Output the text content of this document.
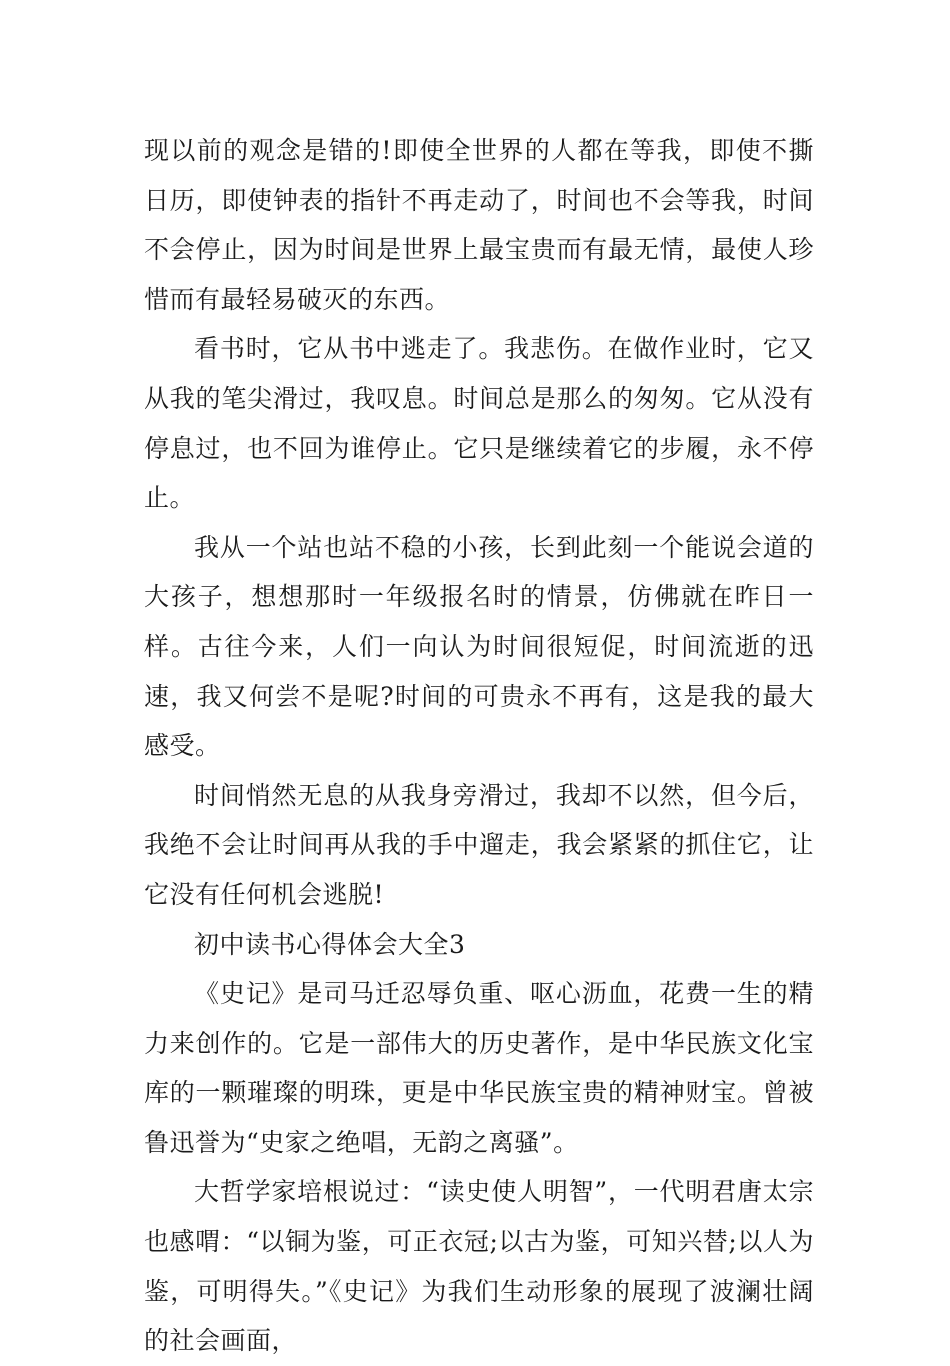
现以前的观念是错的!即使全世界的人都在等我，即使不撕日历，即使钟表的指针不再走动了，时间也不会等我，时间不会停止，因为时间是世界上最宝贵而有最无情，最使人珍惜而有最轻易破灭的东西。

看书时，它从书中逃走了。我悲伤。在做作业时，它又从我的笔尖滑过，我叹息。时间总是那么的匆匆。它从没有停息过，也不回为谁停止。它只是继续着它的步履，永不停止。

我从一个站也站不稳的小孩，长到此刻一个能说会道的大孩子，想想那时一年级报名时的情景，仿佛就在昨日一样。古往今来，人们一向认为时间很短促，时间流逝的迅速，我又何尝不是呢?时间的可贵永不再有，这是我的最大感受。

时间悄然无息的从我身旁滑过，我却不以然，但今后，我绝不会让时间再从我的手中遛走，我会紧紧的抓住它，让它没有任何机会逃脱!

初中读书心得体会大全3

《史记》是司马迁忍辱负重、呕心沥血，花费一生的精力来创作的。它是一部伟大的历史著作，是中华民族文化宝库的一颗璀璨的明珠，更是中华民族宝贵的精神财宝。曾被鲁迅誉为“史家之绝唱，无韵之离骚”。

大哲学家培根说过：“读史使人明智”，一代明君唐太宗也感喟：“以铜为鉴，可正衣冠;以古为鉴，可知兴替;以人为鉴，可明得失。”《史记》为我们生动形象的展现了波澜壮阔的社会画面，
